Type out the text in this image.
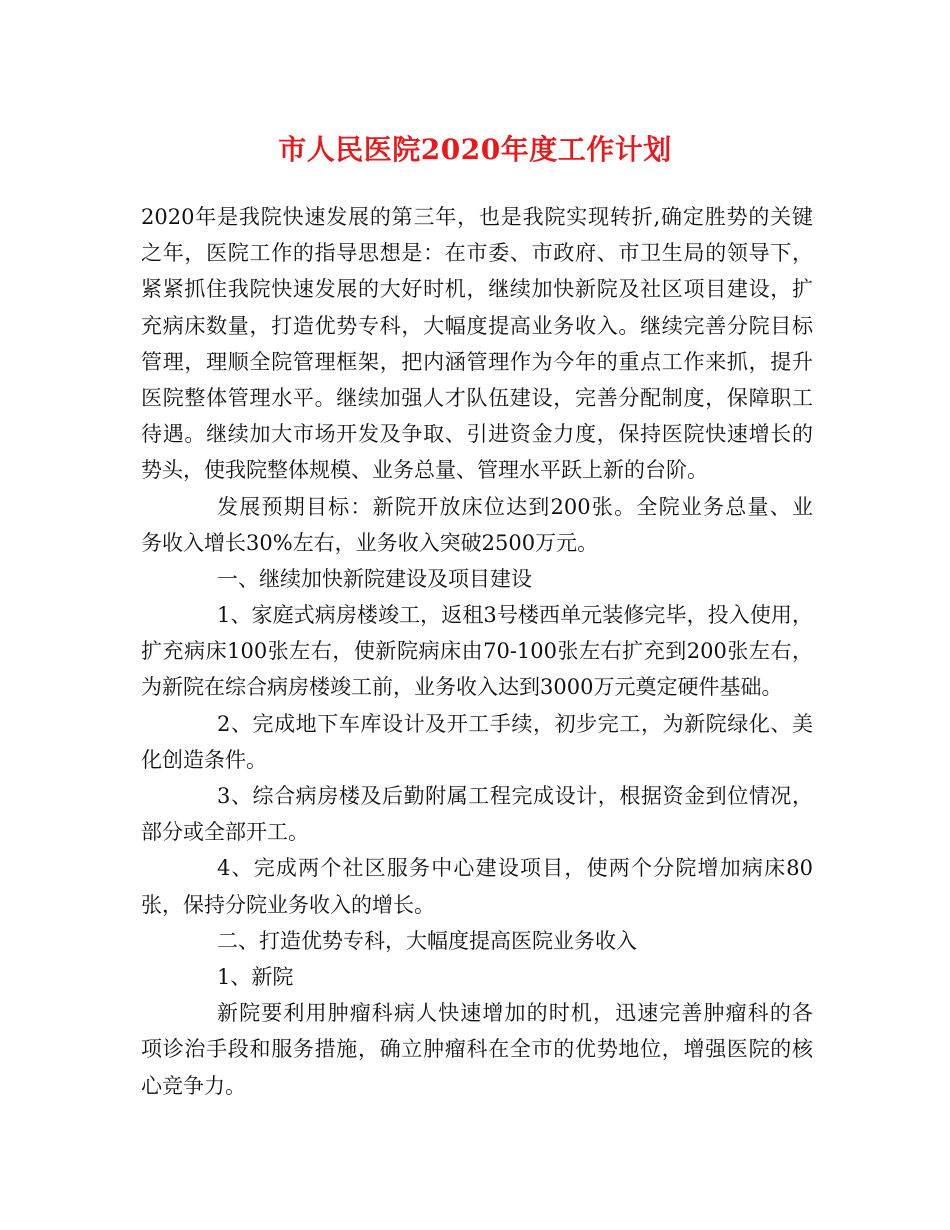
市人民医院2020年度工作计划
2020年是我院快速发展的第三年，也是我院实现转折,确定胜势的关键
之年，医院工作的指导思想是：在市委、市政府、市卫生局的领导下，
紧紧抓住我院快速发展的大好时机，继续加快新院及社区项目建设，扩
充病床数量，打造优势专科，大幅度提高业务收入。继续完善分院目标
管理，理顺全院管理框架，把内涵管理作为今年的重点工作来抓，提升
医院整体管理水平。继续加强人才队伍建设，完善分配制度，保障职工
待遇。继续加大市场开发及争取、引进资金力度，保持医院快速增长的
势头，使我院整体规模、业务总量、管理水平跃上新的台阶。
发展预期目标：新院开放床位达到200张。全院业务总量、业
务收入增长30%左右，业务收入突破2500万元。
一、继续加快新院建设及项目建设
1、家庭式病房楼竣工，返租3号楼西单元装修完毕，投入使用，
扩充病床100张左右，使新院病床由70-100张左右扩充到200张左右，
为新院在综合病房楼竣工前，业务收入达到3000万元奠定硬件基础。
2、完成地下车库设计及开工手续，初步完工，为新院绿化、美
化创造条件。
3、综合病房楼及后勤附属工程完成设计，根据资金到位情况，
部分或全部开工。
4、完成两个社区服务中心建设项目，使两个分院增加病床80
张，保持分院业务收入的增长。
二、打造优势专科，大幅度提高医院业务收入
1、新院
新院要利用肿瘤科病人快速增加的时机，迅速完善肿瘤科的各
项诊治手段和服务措施，确立肿瘤科在全市的优势地位，增强医院的核
心竞争力。
